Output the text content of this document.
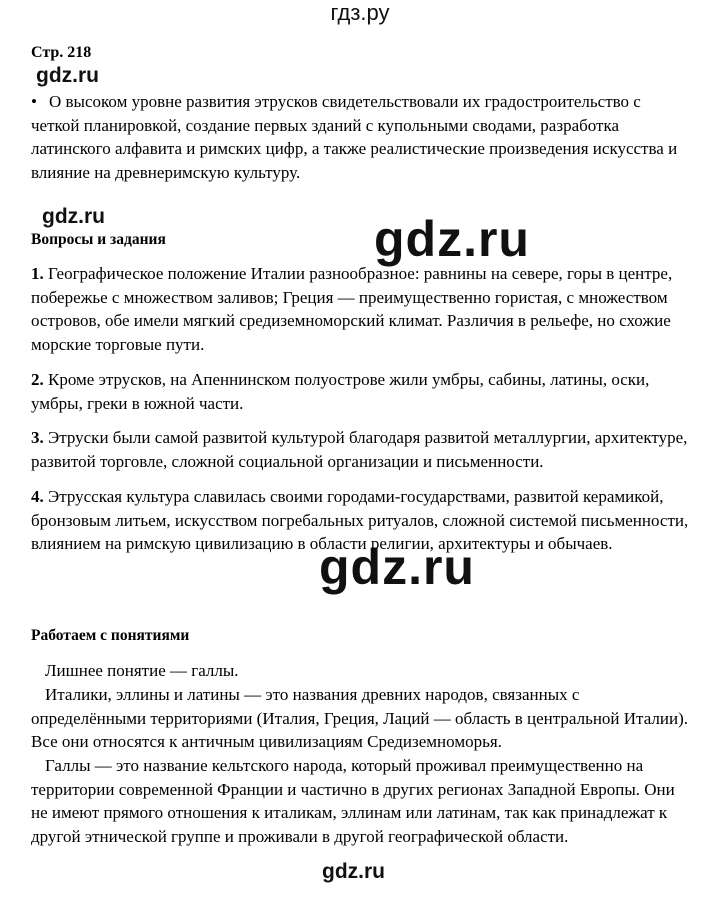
гдз.ру
Стр. 218
gdz.ru
gdz.ru	gdz.ru
gdz.ru
gdz.ru
• О высоком уровне развития этрусков свидетельствовали их градостроительство с четкой планировкой, создание первых зданий с купольными сводами, разработка латинского алфавита и римских цифр, а также реалистические произведения искусства и влияние на древнеримскую культуру.
Вопросы и задания
1. Географическое положение Италии разнообразное: равнины на севере, горы в центре, побережье с множеством заливов; Греция — преимущественно гористая, с множеством островов, обе имели мягкий средиземноморский климат. Различия в рельефе, но схожие морские торговые пути.
2. Кроме этрусков, на Апеннинском полуострове жили умбры, сабины, латины, оски, умбры, греки в южной части.
3. Этруски были самой развитой культурой благодаря развитой металлургии, архитектуре, развитой торговле, сложной социальной организации и письменности.
4. Этрусская культура славилась своими городами-государствами, развитой керамикой, бронзовым литьем, искусством погребальных ритуалов, сложной системой письменности, влиянием на римскую цивилизацию в области религии, архитектуры и обычаев.
Работаем с понятиями
Лишнее понятие — галлы.
Италики, эллины и латины — это названия древних народов, связанных с определёнными территориями (Италия, Греция, Лаций — область в центральной Италии). Все они относятся к античным цивилизациям Средиземноморья.
Галлы — это название кельтского народа, который проживал преимущественно на территории современной Франции и частично в других регионах Западной Европы. Они не имеют прямого отношения к италикам, эллинам или латинам, так как принадлежат к другой этнической группе и проживали в другой географической области.
